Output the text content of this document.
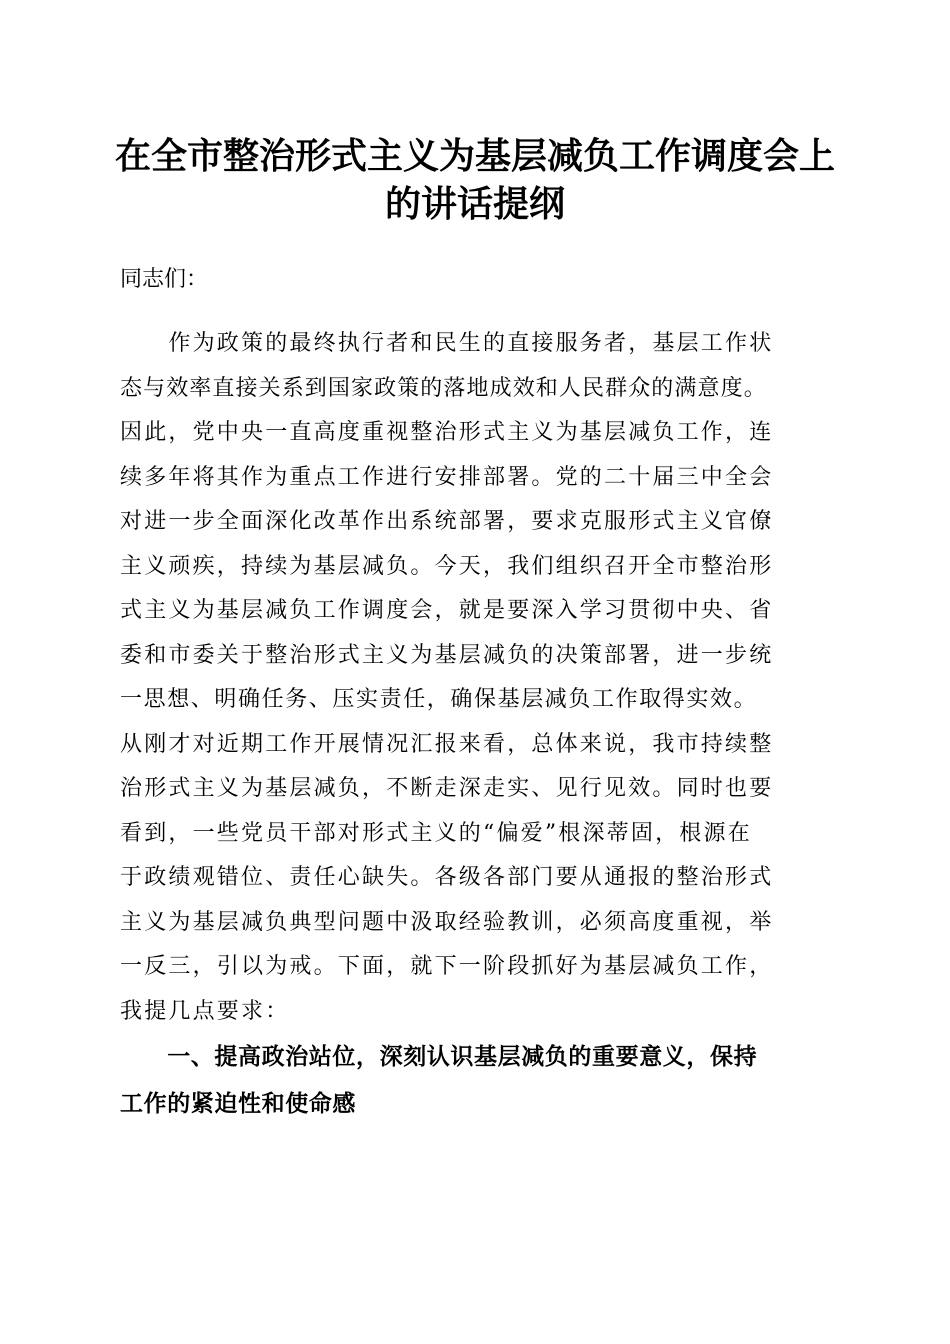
在全市整治形式主义为基层减负工作调度会上
的讲话提纲
同志们：
　　作为政策的最终执行者和民生的直接服务者，基层工作状
态与效率直接关系到国家政策的落地成效和人民群众的满意度。
因此，党中央一直高度重视整治形式主义为基层减负工作，连
续多年将其作为重点工作进行安排部署。党的二十届三中全会
对进一步全面深化改革作出系统部署，要求克服形式主义官僚
主义顽疾，持续为基层减负。今天，我们组织召开全市整治形
式主义为基层减负工作调度会，就是要深入学习贯彻中央、省
委和市委关于整治形式主义为基层减负的决策部署，进一步统
一思想、明确任务、压实责任，确保基层减负工作取得实效。
从刚才对近期工作开展情况汇报来看，总体来说，我市持续整
治形式主义为基层减负，不断走深走实、见行见效。同时也要
看到，一些党员干部对形式主义的“偏爱”根深蒂固，根源在
于政绩观错位、责任心缺失。各级各部门要从通报的整治形式
主义为基层减负典型问题中汲取经验教训，必须高度重视，举
一反三，引以为戒。下面，就下一阶段抓好为基层减负工作，
我提几点要求：
　　一、提高政治站位，深刻认识基层减负的重要意义，保持
工作的紧迫性和使命感
